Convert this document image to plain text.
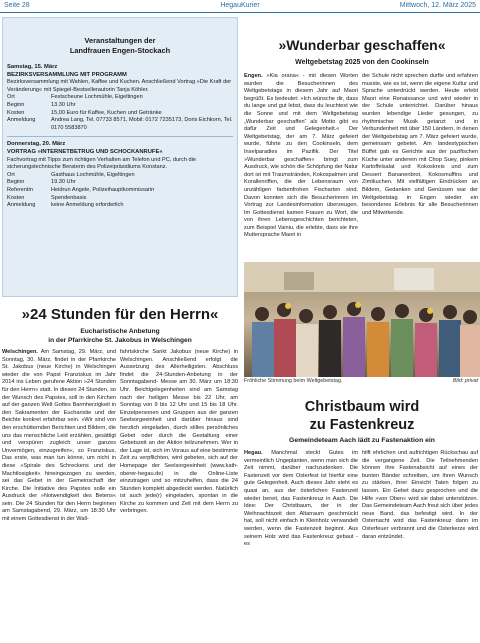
Seite 28	HegauKurier	Mittwoch, 12. März 2025
Veranstaltungen der
Landfrauen Engen-Stockach
Samstag, 15. März
BEZIRKSVERSAMMLUNG MIT PROGRAMM
Bezirksversammlung mit Wahlen, Kaffee und Kuchen. Anschließend Vortrag »Die Kraft der Veränderung« mit Spiegel-Bestsellerautorin Tanja Köhler.
Ort	Festscheune Lochmühle, Eigeltingen
Beginn	13.30 Uhr
Kosten	15,00 Euro für Kaffee, Kuchen und Getränke
Anmeldung	Andrea Lang, Tel. 07733 8571, Mobil: 0172 7235173, Doris Eichkorn, Tel. 0170 5583870
Donnerstag, 20. März
VORTRAG »INTERNETBETRUG UND SCHOCKANRUFE«
Fachvortrag mit Tipps zum richtigen Verhalten am Telefon und PC, durch die sicherungstechnische Beraterin des Polizeipräsidiums Konstanz.
Ort	Gasthaus Lochmühle, Eigeltingen
Beginn	19.30 Uhr
Referentin	Heidrun Angele, Polizeihauptkommissarin
Kosten	Spendenbasis
Anmeldung	keine Anmeldung erforderlich
»Wunderbar geschaffen«
Weltgebetstag 2025 von den Cookinseln
Engen. »Kia orana« - mit diesen Worten wurden die Besucherinnen des Weltgebetstags in diesem Jahr auf Maori begrüßt. Es bedeutet: »Ich wünsche dir, dass du lange und gut lebst, dass du leuchtest wie die Sonne und mit dem Weltgebetstag „Wunderbar geschaffen“ als Motto gibt es dafür Zeit und Gelegenheit.« Der Weltgebetstag, der am 7. März gefeiert wurde, führte zu den Cookinseln, dem Inselparadies im Pazifik. Der Titel »Wunderbar geschaffen« bringt zum Ausdruck, wie schön die Schöpfung der Natur dort ist mit Traumstränden, Kokospalmen und Korallenriffen, die der Lebensraum von unzähligen farbenfrohen Fischarten sind. Davon konnten sich die Besucherinnen im Vortrag zur Landesinformation überzeugen. Im Gottesdienst kamen Frauen zu Wort, die von ihren Lebensgeschichten berichteten, zum Beispiel Vainiu, die erlebte, dass sie ihre Muttersprache Maori in
der Schule nicht sprechen durfte und erfahren musste, wie es ist, wenn die eigene Kultur und Sprache unterdrückt werden. Heute erlebt Maori eine Renaissance und wird wieder in der Schule unterrichtet. Darüber hinaus wurden lebendige Lieder gesungen, zu rhythmischer Musik getanzt und in Verbundenheit mit über 150 Ländern, in denen der Weltgebetstag am 7. März gefeiert wurde, gemeinsam gebetet. Am landestypischen Büffet gab es Gerichte aus der pazifischen Küche unter anderem mit Chop Suey, pinkem Kartoffelsalat und Kokoskreis und zum Dessert Bananenbrot, Kokosmuffins und Zimtkuchen. Mit vielfältigen Eindrücken an Bildern, Gedanken und Genüssen war der Weltgebetstag in Engen wieder ein besonderes Erlebnis für alle Besucherinnen und Mitwirkende.
Fröhliche Stimmung beim Weltgebetstag.	Bild: privat
»24 Stunden für den Herrn«
Eucharistische Anbetung
in der Pfarrkirche St. Jakobus in Welschingen
Welschingen. Am Samstag, 29. März, und Sonntag, 30. März, findet in der Pfarrkirche St. Jakobus (neue Kirche) in Welschingen wieder die von Papst Franziskus im Jahr 2014 ins Leben gerufene Aktion »24 Stunden für den Herrn« statt. In diesen 24 Stunden, so der Wunsch des Papstes, soll in den Kirchen auf der ganzen Welt Gottes Barmherzigkeit in den Sakramenten der Eucharistie und der Beichte konkret erfahrbar sein. »Wir sind von den erschütternden Berichten und Bildern, die uns das menschliche Leid erzählen, gesättigt und verspüren zugleich unser ganzes Unvermögen, einzugreifen«, so Franziskus. Das erste, was man tun könne, um nicht in diese »Spirale des Schreckens und der Machtlosigkeit« hineingezogen zu werden, sei das Gebet in der Gemeinschaft der Kirche. Die Initiative des Papstes solle ein Ausdruck der »Notwendigkeit des Betens« sein. Die 24 Stunden für den Herrn beginnen am Samstagabend, 29. März, um 18:30 Uhr mit einem Gottesdienst in der Wall-
fahrtskirche Sankt Jakobus (neue Kirche) in Welschingen. Anschließend erfolgt die Aussetzung des Allerheiligsten. Abschluss findet die 24-Stunden-Anbetung in der Sonntagabend- Messe am 30. März um 18:30 Uhr. Beichtgelegenheiten sind am Samstag nach der heiligen Messe bis 22 Uhr, am Sonntag von 9 bis 12 Uhr und 15 bis 18 Uhr. Einzelpersonen und Gruppen aus der ganzen Seelsorgeeinheit und darüber hinaus sind herzlich eingeladen, durch stilles persönliches Gebet oder durch die Gestaltung einer Gebetszeit an der Aktion teilzunehmen. Wer in der Lage ist, sich im Voraus auf eine bestimmte Zeit zu verpflichten, wird gebeten, sich auf der Homepage der Seelsorgeeinheit (www.kath-oberer-hegau.de) in die Online-Liste einzutragen und so mitzuhelfen, dass die 24 Stunden komplett abgedeckt werden. Natürlich ist auch jede(r) eingeladen, spontan in die Kirche zu kommen und Zeit mit dem Herrn zu verbringen.
Christbaum wird
zu Fastenkreuz
Gemeindeteam Aach lädt zu Fastenaktion ein
Hegau. Manchmal steckt Gutes im vermeintlich Ungeplanten, wenn man sich die Zeit nimmt, darüber nachzudenken. Die Fastenzeit vor dem Osterfest ist hierfür eine gute Gelegenheit. Auch dieses Jahr steht es quasi an, aus der österlichen Fastenzeit wieder bereit, das Fastenkreuz in Aach. Die Idee: Der Christbaum, der in der Weihnachtszeit den Altarraum geschmückt hat, soll nicht einfach in Kleinholz verwandelt werden, wenn die Fastenzeit beginnt. Aus seinem Holz wird das Fastenkreuz gebaut - es
hilft ehrlichen und aufrichtigen Rückschau auf die vergangene Zeit. Die Teilnehmenden können ihre Fastenabsicht auf eines der bunten Bänder schreiben, um ihren Wunsch zu stärken, ihrer Einsicht Taten folgen zu lassen. Ein Gebet dazu gesprochen und die Hilfe »von Oben« wird sie dabei unterstützen. Das Gemeindeteam Aach freut sich über jedes neue Band, das befestigt wird. In der Osternacht wird das Fastenkreuz dann im Osterfeuer verbrannt und die Osterkerze wird daran entzündet.
